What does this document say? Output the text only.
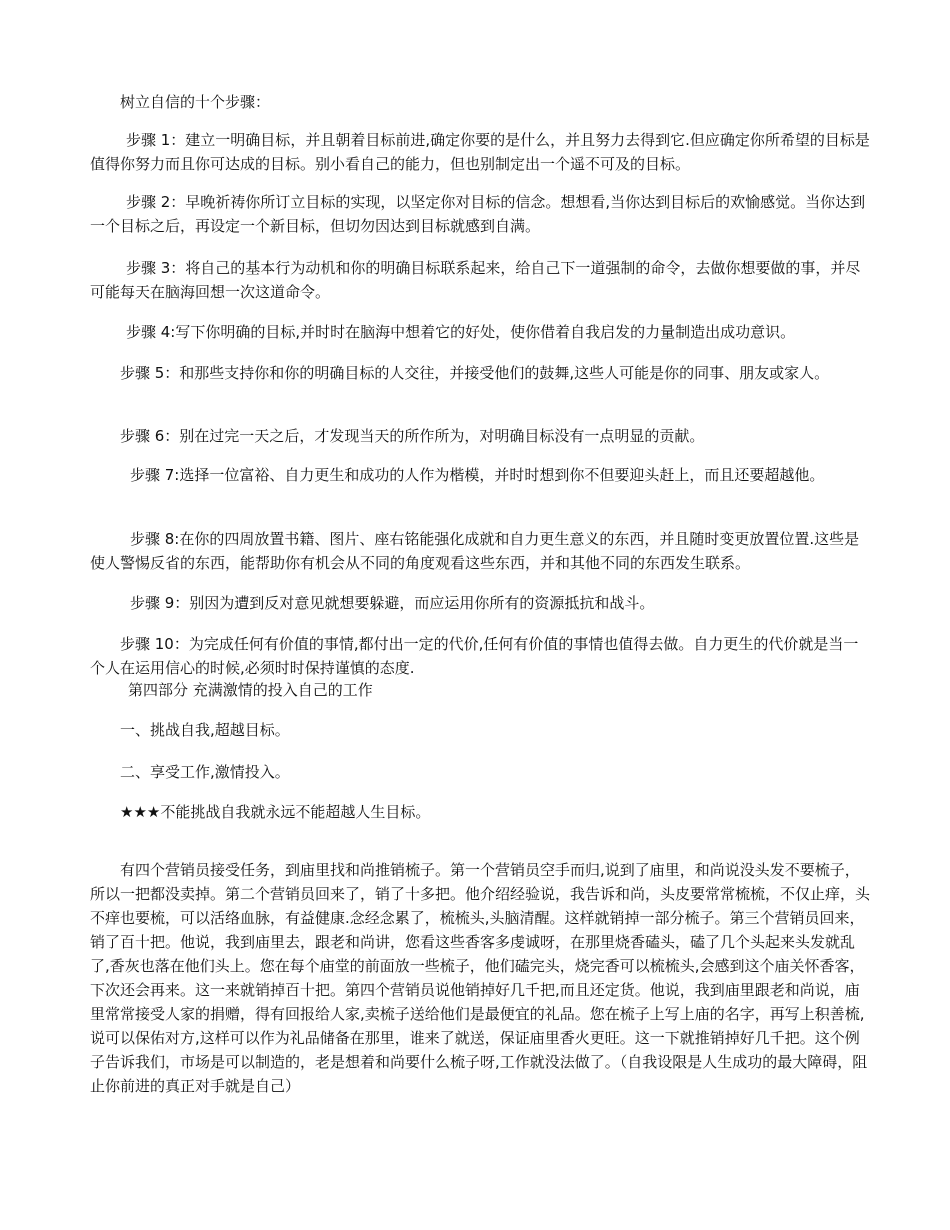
树立自信的十个步骤：

步骤 1：建立一明确目标，并且朝着目标前进,确定你要的是什么，并且努力去得到它.但应确定你所希望的目标是值得你努力而且你可达成的目标。别小看自己的能力，但也别制定出一个遥不可及的目标。

步骤 2：早晚祈祷你所订立目标的实现，以坚定你对目标的信念。想想看,当你达到目标后的欢愉感觉。当你达到一个目标之后，再设定一个新目标，但切勿因达到目标就感到自满。

步骤 3：将自己的基本行为动机和你的明确目标联系起来，给自己下一道强制的命令，去做你想要做的事，并尽可能每天在脑海回想一次这道命令。

步骤 4:写下你明确的目标,并时时在脑海中想着它的好处，使你借着自我启发的力量制造出成功意识。

步骤 5：和那些支持你和你的明确目标的人交往，并接受他们的鼓舞,这些人可能是你的同事、朋友或家人。

步骤 6：别在过完一天之后，才发现当天的所作所为，对明确目标没有一点明显的贡献。

步骤 7:选择一位富裕、自力更生和成功的人作为楷模，并时时想到你不但要迎头赶上，而且还要超越他。

步骤 8:在你的四周放置书籍、图片、座右铭能强化成就和自力更生意义的东西，并且随时变更放置位置.这些是使人警惕反省的东西，能帮助你有机会从不同的角度观看这些东西，并和其他不同的东西发生联系。

步骤 9：别因为遭到反对意见就想要躲避，而应运用你所有的资源抵抗和战斗。

步骤 10：为完成任何有价值的事情,都付出一定的代价,任何有价值的事情也值得去做。自力更生的代价就是当一个人在运用信心的时候,必须时时保持谨慎的态度.

第四部分 充满激情的投入自己的工作

一、挑战自我,超越目标。

二、享受工作,激情投入。

★★★不能挑战自我就永远不能超越人生目标。

有四个营销员接受任务，到庙里找和尚推销梳子。第一个营销员空手而归,说到了庙里，和尚说没头发不要梳子，所以一把都没卖掉。第二个营销员回来了，销了十多把。他介绍经验说，我告诉和尚，头皮要常常梳梳，不仅止痒，头不痒也要梳，可以活络血脉，有益健康.念经念累了，梳梳头,头脑清醒。这样就销掉一部分梳子。第三个营销员回来，销了百十把。他说，我到庙里去，跟老和尚讲，您看这些香客多虔诚呀，在那里烧香磕头，磕了几个头起来头发就乱了,香灰也落在他们头上。您在每个庙堂的前面放一些梳子，他们磕完头，烧完香可以梳梳头,会感到这个庙关怀香客，下次还会再来。这一来就销掉百十把。第四个营销员说他销掉好几千把,而且还定货。他说，我到庙里跟老和尚说，庙里常常接受人家的捐赠，得有回报给人家,卖梳子送给他们是最便宜的礼品。您在梳子上写上庙的名字，再写上积善梳,说可以保佑对方,这样可以作为礼品储备在那里，谁来了就送，保证庙里香火更旺。这一下就推销掉好几千把。这个例子告诉我们，市场是可以制造的，老是想着和尚要什么梳子呀,工作就没法做了。（自我设限是人生成功的最大障碍，阻止你前进的真正对手就是自己）
